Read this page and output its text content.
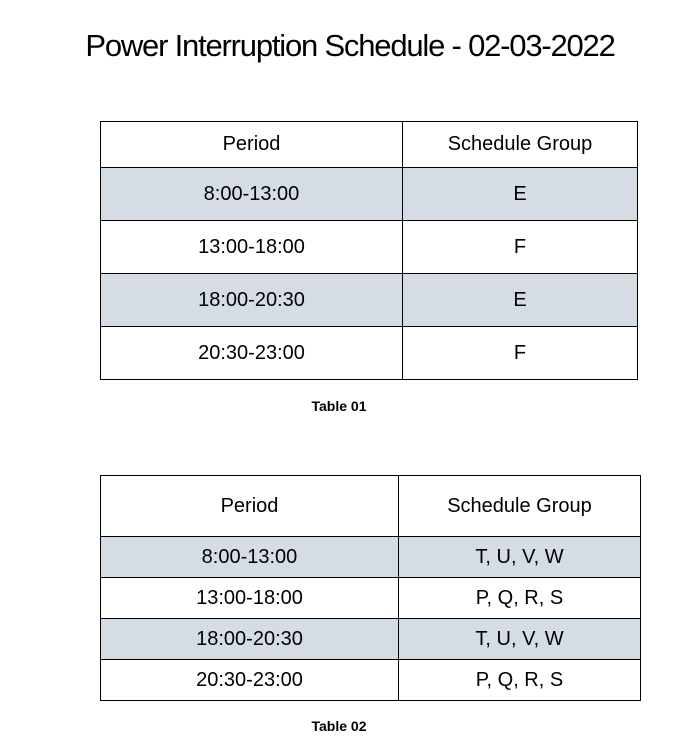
Power Interruption Schedule - 02-03-2022
Period	Schedule Group
8:00-13:00	E
13:00-18:00	F
18:00-20:30	E
20:30-23:00	F
Table 01
Period	Schedule Group
8:00-13:00	T, U, V, W
13:00-18:00	P, Q, R, S
18:00-20:30	T, U, V, W
20:30-23:00	P, Q, R, S
Table 02
